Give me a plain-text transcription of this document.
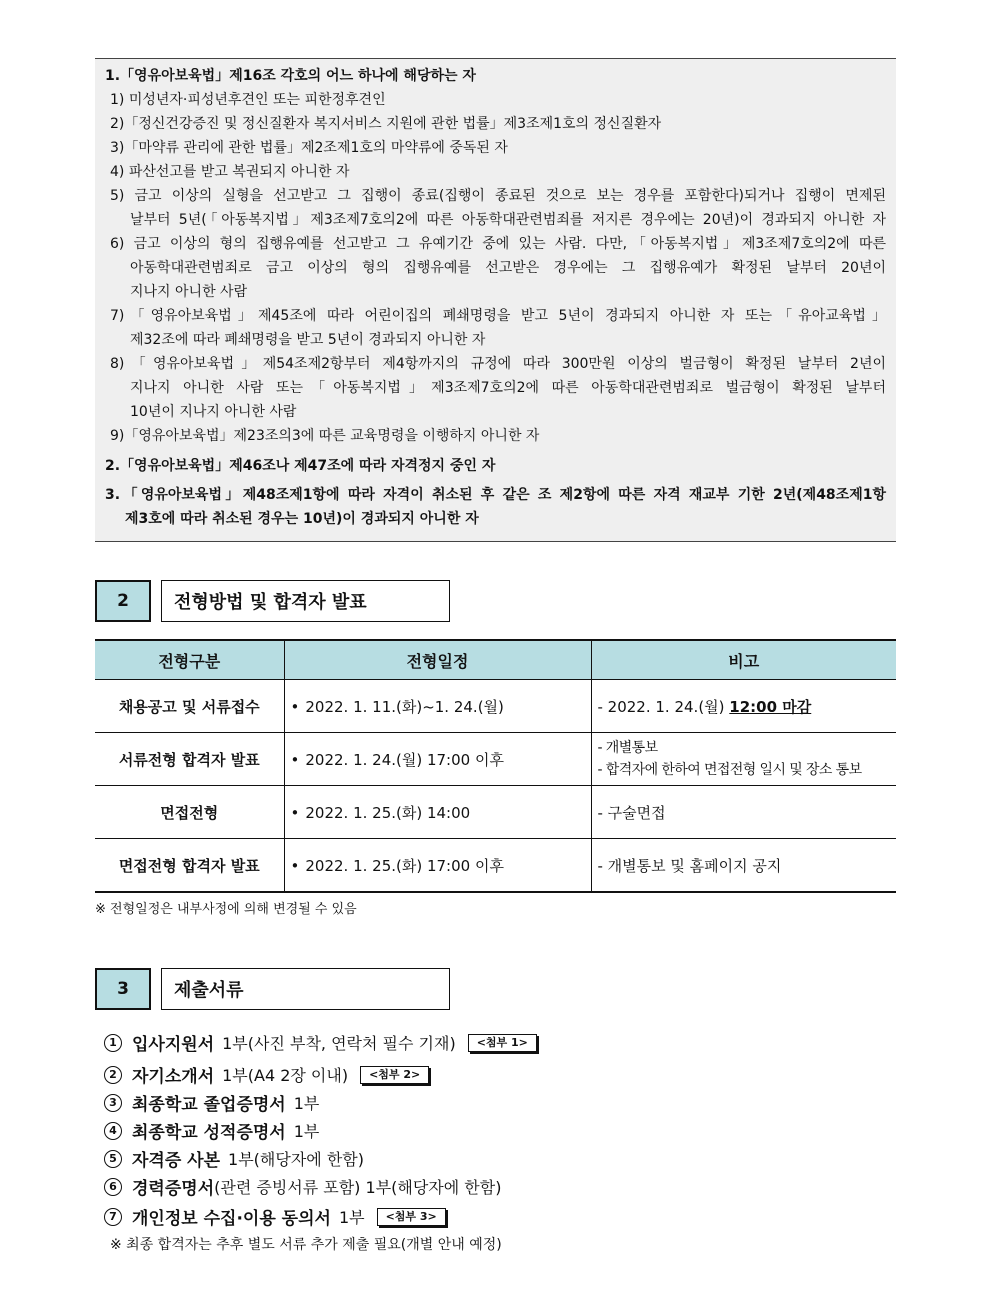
1.「영유아보육법」제16조 각호의 어느 하나에 해당하는 자
1) 미성년자·피성년후견인 또는 피한정후견인
2)「정신건강증진 및 정신질환자 복지서비스 지원에 관한 법률」제3조제1호의 정신질환자
3)「마약류 관리에 관한 법률」제2조제1호의 마약류에 중독된 자
4) 파산선고를 받고 복권되지 아니한 자
5) 금고 이상의 실형을 선고받고 그 집행이 종료(집행이 종료된 것으로 보는 경우를 포함한다)되거나 집행이 면제된
날부터 5년(「아동복지법」제3조제7호의2에 따른 아동학대관련범죄를 저지른 경우에는 20년)이 경과되지 아니한 자
6) 금고 이상의 형의 집행유예를 선고받고 그 유예기간 중에 있는 사람. 다만,「아동복지법」제3조제7호의2에 따른
아동학대관련범죄로 금고 이상의 형의 집행유예를 선고받은 경우에는 그 집행유예가 확정된 날부터 20년이
지나지 아니한 사람
7)「영유아보육법」제45조에 따라 어린이집의 폐쇄명령을 받고 5년이 경과되지 아니한 자 또는「유아교육법」
제32조에 따라 폐쇄명령을 받고 5년이 경과되지 아니한 자
8)「영유아보육법」제54조제2항부터 제4항까지의 규정에 따라 300만원 이상의 벌금형이 확정된 날부터 2년이
지나지 아니한 사람 또는「아동복지법」제3조제7호의2에 따른 아동학대관련범죄로 벌금형이 확정된 날부터
10년이 지나지 아니한 사람
9)「영유아보육법」제23조의3에 따른 교육명령을 이행하지 아니한 자
2.「영유아보육법」제46조나 제47조에 따라 자격정지 중인 자
3.「영유아보육법」제48조제1항에 따라 자격이 취소된 후 같은 조 제2항에 따른 자격 재교부 기한 2년(제48조제1항
제3호에 따라 취소된 경우는 10년)이 경과되지 아니한 자
2	전형방법 및 합격자 발표
전형구분	전형일정	비고
채용공고 및 서류접수	• 2022. 1. 11.(화)~1. 24.(월)	- 2022. 1. 24.(월) 12:00 마감
서류전형 합격자 발표	• 2022. 1. 24.(월) 17:00 이후	- 개별통보
- 합격자에 한하여 면접전형 일시 및 장소 통보

면접전형	• 2022. 1. 25.(화) 14:00	- 구술면접
면접전형 합격자 발표	• 2022. 1. 25.(화) 17:00 이후	- 개별통보 및 홈페이지 공지
※ 전형일정은 내부사정에 의해 변경될 수 있음
3	제출서류
1 입사지원서 1부(사진 부착, 연락처 필수 기재)	<첨부 1>
2 자기소개서 1부(A4 2장 이내)	<첨부 2>
3 최종학교 졸업증명서 1부
4 최종학교 성적증명서 1부
5 자격증 사본 1부(해당자에 한함)
6 경력증명서 (관련 증빙서류 포함) 1부(해당자에 한함)
7 개인정보 수집·이용 동의서 1부	<첨부 3>
※ 최종 합격자는 추후 별도 서류 추가 제출 필요(개별 안내 예정)
